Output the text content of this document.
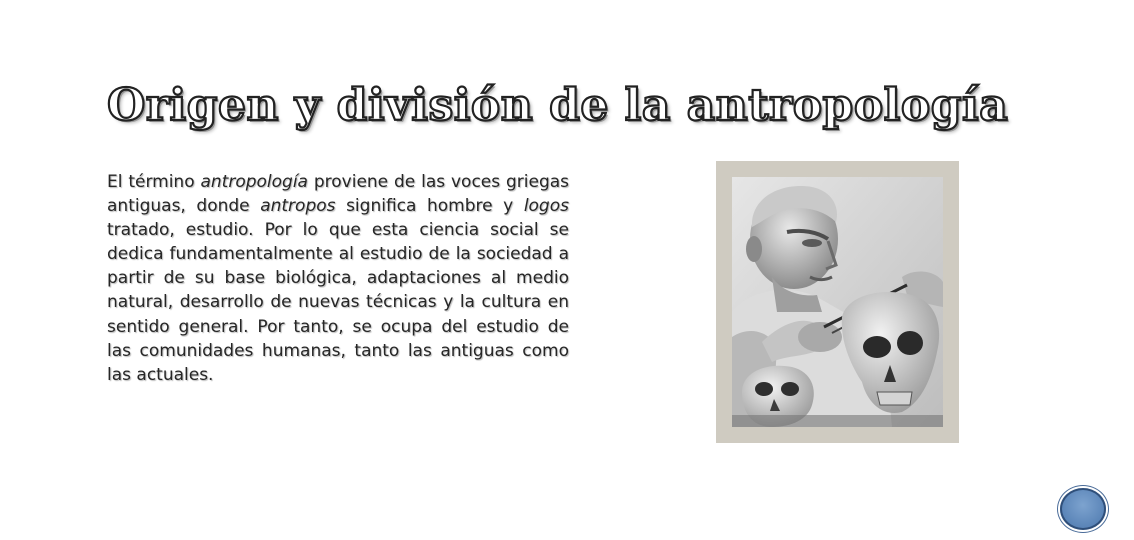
Origen y división de la antropología

El término antropología proviene de las voces griegas antiguas, donde antropos significa hombre y logos tratado, estudio. Por lo que esta ciencia social se dedica fundamentalmente al estudio de la sociedad a partir de su base biológica, adaptaciones al medio natural, desarrollo de nuevas técnicas y la cultura en sentido general. Por tanto, se ocupa del estudio de las comunidades humanas, tanto las antiguas como las actuales.
